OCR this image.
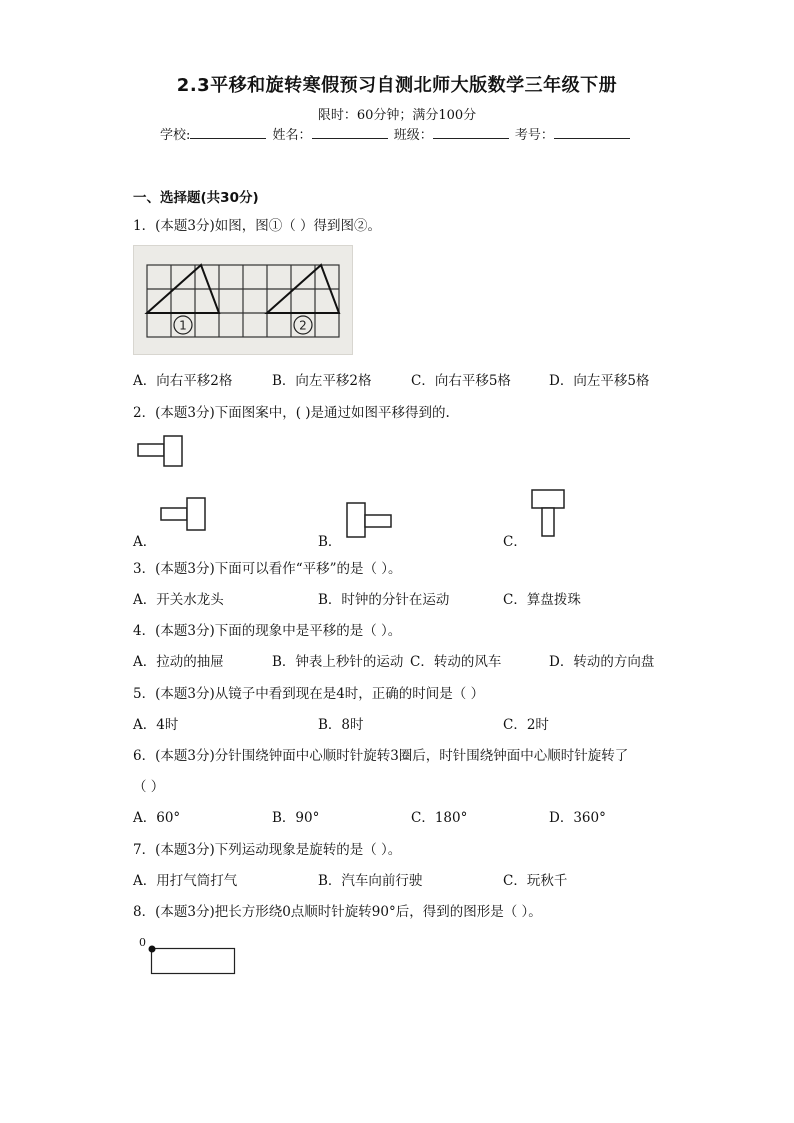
2.3平移和旋转寒假预习自测北师大版数学三年级下册
限时：60分钟；满分100分
学校:	姓名：	班级：	考号：
一、选择题(共30分)
1．(本题3分)如图，图①（ ）得到图②。
1	2
A．向右平移2格	B．向左平移2格	C．向右平移5格	D．向左平移5格
2．(本题3分)下面图案中，( )是通过如图平移得到的.
A．	B．	C．
3．(本题3分)下面可以看作“平移”的是（ ）。
A．开关水龙头	B．时钟的分针在运动	C．算盘拨珠
4．(本题3分)下面的现象中是平移的是（ ）。
A．拉动的抽屉	B．钟表上秒针的运动 C．转动的风车	D．转动的方向盘
5．(本题3分)从镜子中看到现在是4时，正确的时间是（ ）
A．4时	B．8时	C．2时
6．(本题3分)分针围绕钟面中心顺时针旋转3圈后，时针围绕钟面中心顺时针旋转了
（ ）
A．60°	B．90°	C．180°	D．360°
7．(本题3分)下列运动现象是旋转的是（ ）。
A．用打气筒打气	B．汽车向前行驶	C．玩秋千
8．(本题3分)把长方形绕0点顺时针旋转90°后，得到的图形是（ ）。
0
